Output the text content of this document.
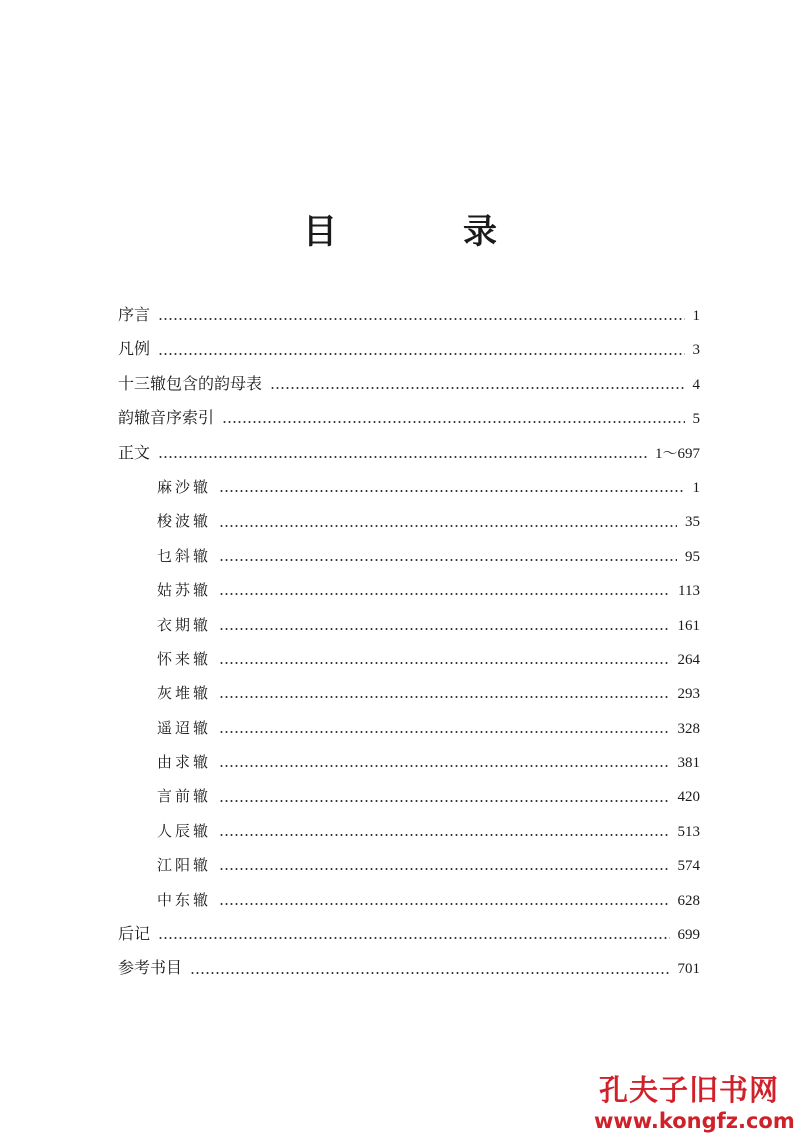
目　录
序言	1
凡例	3
十三辙包含的韵母表	4
韵辙音序索引	5
正文	1～697
麻沙辙	1
梭波辙	35
乜斜辙	95
姑苏辙	113
衣期辙	161
怀来辙	264
灰堆辙	293
遥迢辙	328
由求辙	381
言前辙	420
人辰辙	513
江阳辙	574
中东辙	628
后记	699
参考书目	701
孔夫子旧书网
www.kongfz.com
